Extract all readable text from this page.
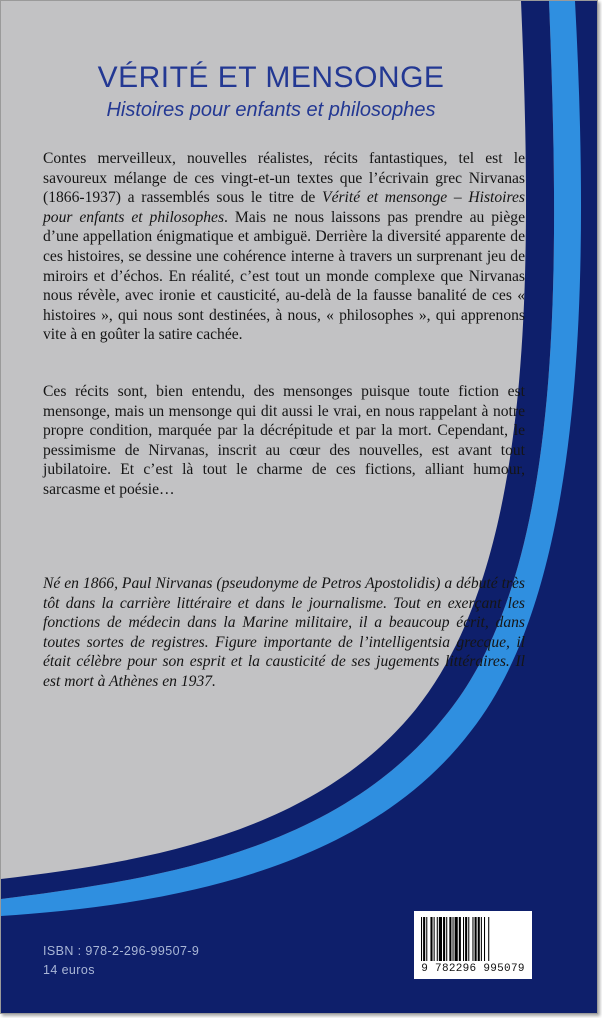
VÉRITÉ ET MENSONGE
Histoires pour enfants et philosophes

Contes merveilleux, nouvelles réalistes, récits fantastiques, tel est le savoureux mélange de ces vingt-et-un textes que l’écrivain grec Nirvanas (1866-1937) a rassemblés sous le titre de Vérité et mensonge – Histoires pour enfants et philosophes. Mais ne nous laissons pas prendre au piège d’une appellation énigmatique et ambiguë. Derrière la diversité apparente de ces histoires, se dessine une cohérence interne à travers un surprenant jeu de miroirs et d’échos. En réalité, c’est tout un monde complexe que Nirvanas nous révèle, avec ironie et causticité, au-delà de la fausse banalité de ces « histoires », qui nous sont destinées, à nous, « philosophes », qui apprenons vite à en goûter la satire cachée.

Ces récits sont, bien entendu, des mensonges puisque toute fiction est mensonge, mais un mensonge qui dit aussi le vrai, en nous rappelant à notre propre condition, marquée par la décrépitude et par la mort. Cependant, le pessimisme de Nirvanas, inscrit au cœur des nouvelles, est avant tout jubilatoire. Et c’est là tout le charme de ces fictions, alliant humour, sarcasme et poésie…

Né en 1866, Paul Nirvanas (pseudonyme de Petros Apostolidis) a débuté très tôt dans la carrière littéraire et dans le journalisme. Tout en exerçant les fonctions de médecin dans la Marine militaire, il a beaucoup écrit, dans toutes sortes de registres. Figure importante de l’intelligentsia grecque, il était célèbre pour son esprit et la causticité de ses jugements littéraires. Il est mort à Athènes en 1937.

ISBN : 978-2-296-99507-9
14 euros	9 782296 995079
